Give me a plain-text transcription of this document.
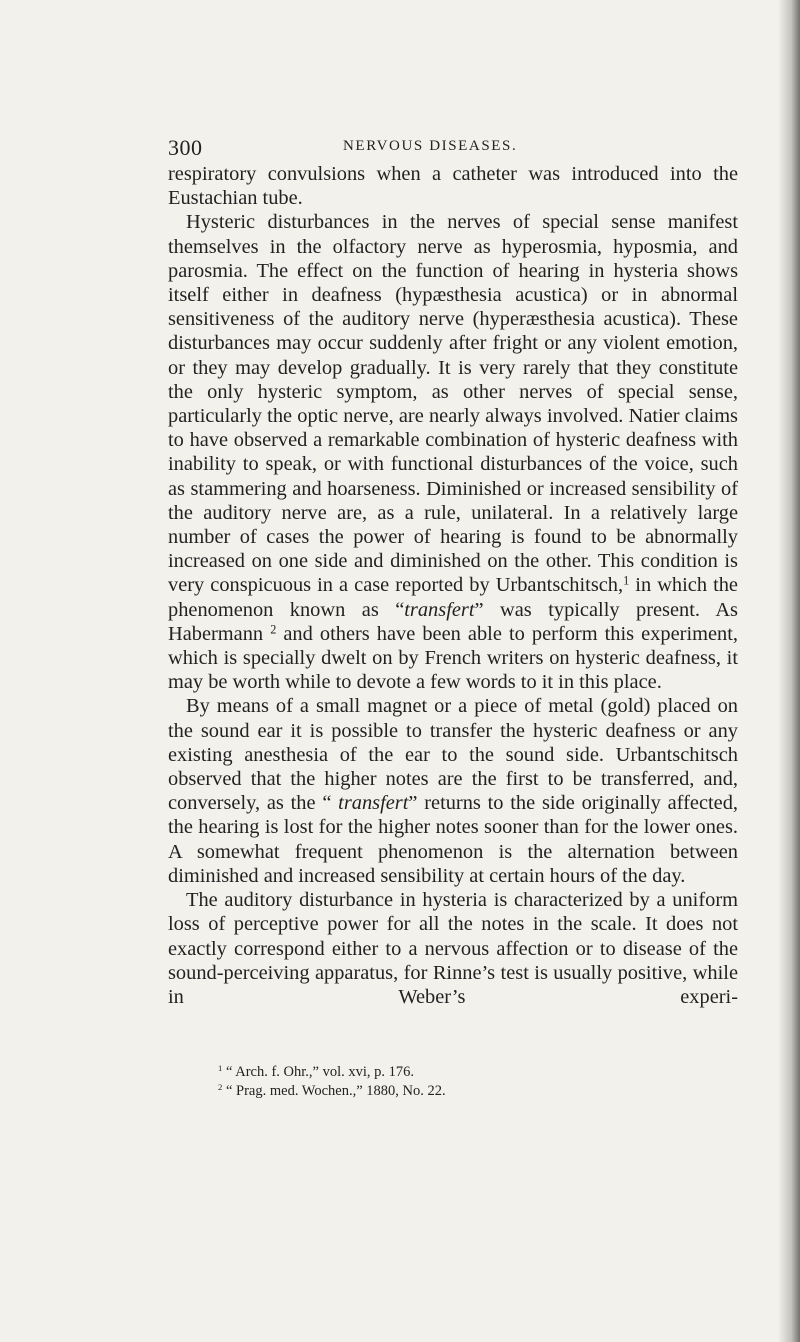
300	NERVOUS DISEASES.

respiratory convulsions when a catheter was introduced into the Eustachian tube.

Hysteric disturbances in the nerves of special sense manifest themselves in the olfactory nerve as hyperosmia, hyposmia, and parosmia. The effect on the function of hearing in hysteria shows itself either in deafness (hypæsthesia acustica) or in abnormal sensitiveness of the auditory nerve (hyperæsthesia acustica). These disturbances may occur suddenly after fright or any violent emotion, or they may develop gradually. It is very rarely that they constitute the only hysteric symptom, as other nerves of special sense, particularly the optic nerve, are nearly always involved. Natier claims to have observed a remarkable combination of hysteric deafness with inability to speak, or with functional disturbances of the voice, such as stammering and hoarseness. Diminished or increased sensibility of the auditory nerve are, as a rule, unilateral. In a relatively large number of cases the power of hearing is found to be abnormally increased on one side and diminished on the other. This condition is very conspicuous in a case reported by Urbantschitsch,$^1$ in which the phenomenon known as “transfert” was typically present. As Habermann $^2$ and others have been able to perform this experiment, which is specially dwelt on by French writers on hysteric deafness, it may be worth while to devote a few words to it in this place.

By means of a small magnet or a piece of metal (gold) placed on the sound ear it is possible to transfer the hysteric deafness or any existing anesthesia of the ear to the sound side. Urbantschitsch observed that the higher notes are the first to be transferred, and, conversely, as the “ transfert” returns to the side originally affected, the hearing is lost for the higher notes sooner than for the lower ones. A somewhat frequent phenomenon is the alternation between diminished and increased sensibility at certain hours of the day.

The auditory disturbance in hysteria is characterized by a uniform loss of perceptive power for all the notes in the scale. It does not exactly correspond either to a nervous affection or to disease of the sound-perceiving apparatus, for Rinne’s test is usually positive, while in Weber’s experi-

$^1$ “ Arch. f. Ohr.,” vol. xvi, p. 176.

$^2$ “ Prag. med. Wochen.,” 1880, No. 22.
